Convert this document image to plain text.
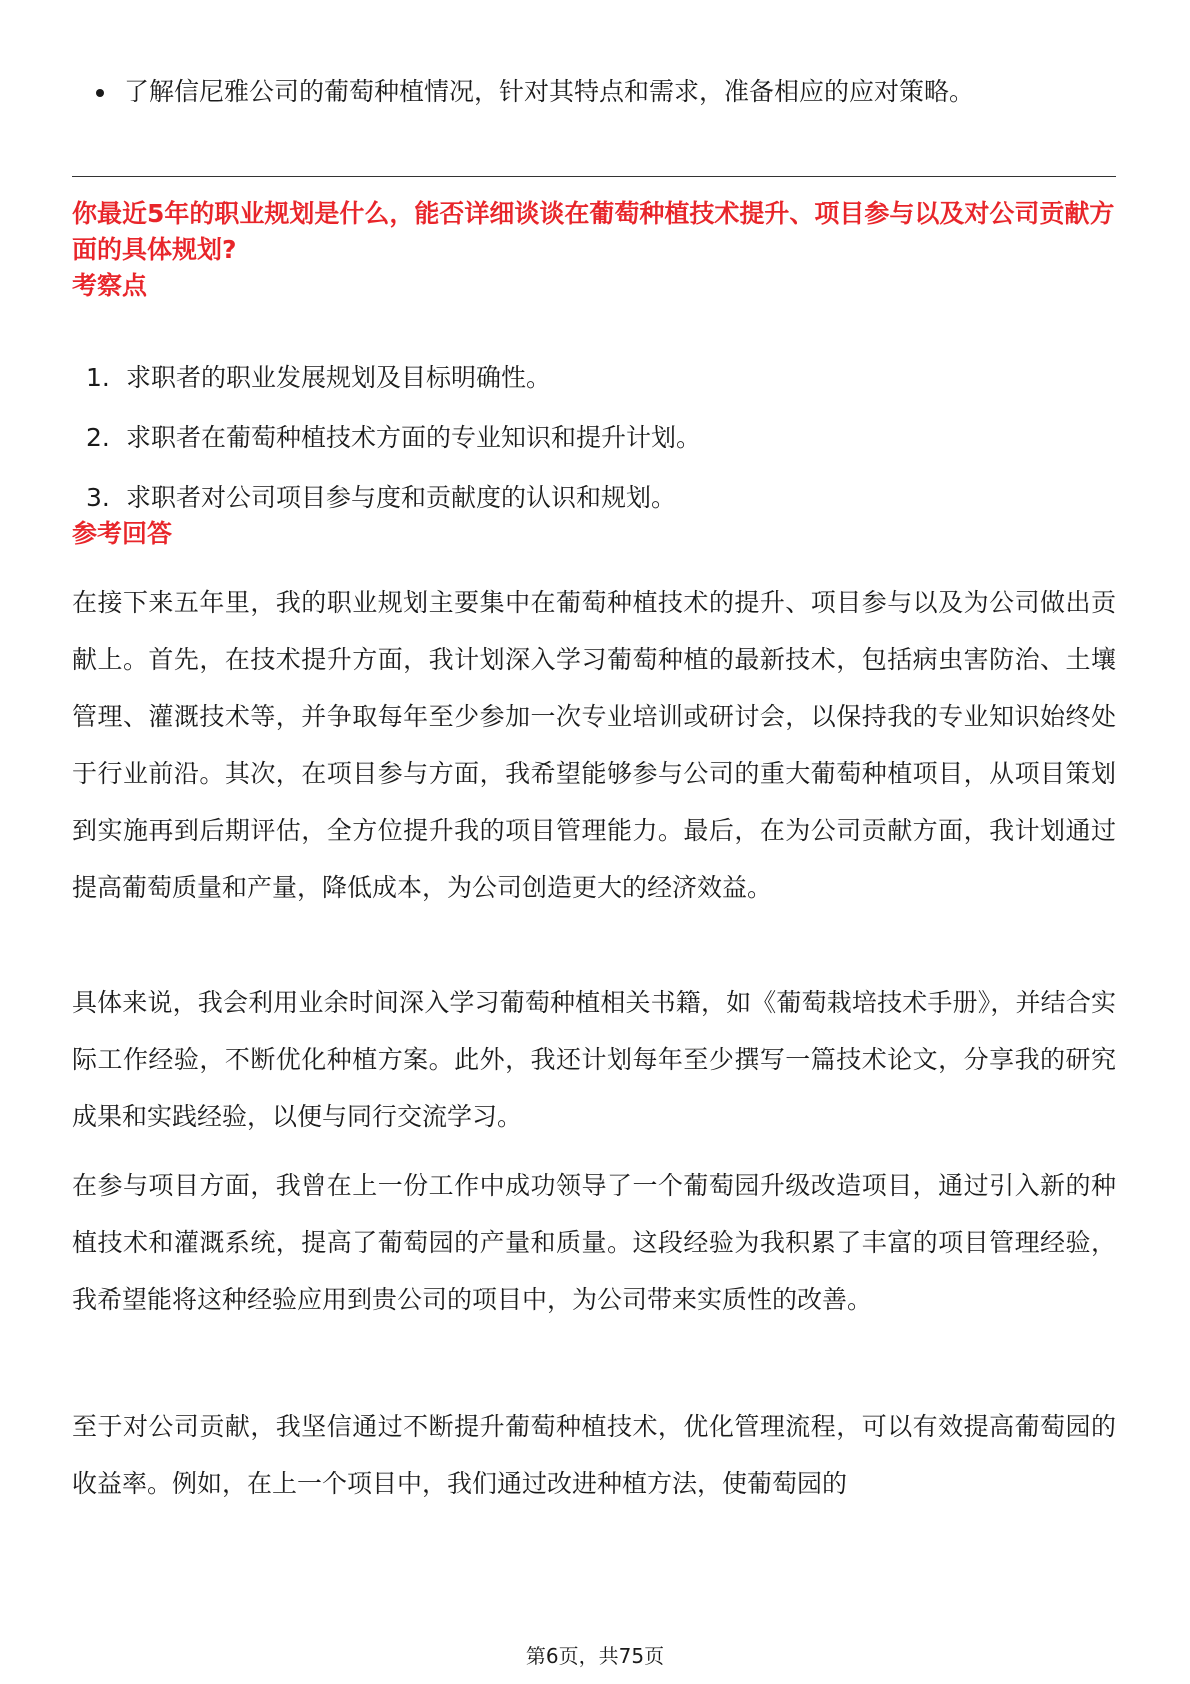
了解信尼雅公司的葡萄种植情况，针对其特点和需求，准备相应的应对策略。
你最近5年的职业规划是什么，能否详细谈谈在葡萄种植技术提升、项目参与以及对公司贡献方面的具体规划?
考察点
1. 求职者的职业发展规划及目标明确性。
2. 求职者在葡萄种植技术方面的专业知识和提升计划。
3. 求职者对公司项目参与度和贡献度的认识和规划。
参考回答
在接下来五年里，我的职业规划主要集中在葡萄种植技术的提升、项目参与以及为公司做出贡献上。首先，在技术提升方面，我计划深入学习葡萄种植的最新技术，包括病虫害防治、土壤管理、灌溉技术等，并争取每年至少参加一次专业培训或研讨会，以保持我的专业知识始终处于行业前沿。其次，在项目参与方面，我希望能够参与公司的重大葡萄种植项目，从项目策划到实施再到后期评估，全方位提升我的项目管理能力。最后，在为公司贡献方面，我计划通过提高葡萄质量和产量，降低成本，为公司创造更大的经济效益。
具体来说，我会利用业余时间深入学习葡萄种植相关书籍，如《葡萄栽培技术手册》，并结合实际工作经验，不断优化种植方案。此外，我还计划每年至少撰写一篇技术论文，分享我的研究成果和实践经验，以便与同行交流学习。
在参与项目方面，我曾在上一份工作中成功领导了一个葡萄园升级改造项目，通过引入新的种植技术和灌溉系统，提高了葡萄园的产量和质量。这段经验为我积累了丰富的项目管理经验，我希望能将这种经验应用到贵公司的项目中，为公司带来实质性的改善。
至于对公司贡献，我坚信通过不断提升葡萄种植技术，优化管理流程，可以有效提高葡萄园的收益率。例如，在上一个项目中，我们通过改进种植方法，使葡萄园的
第6页，共75页
